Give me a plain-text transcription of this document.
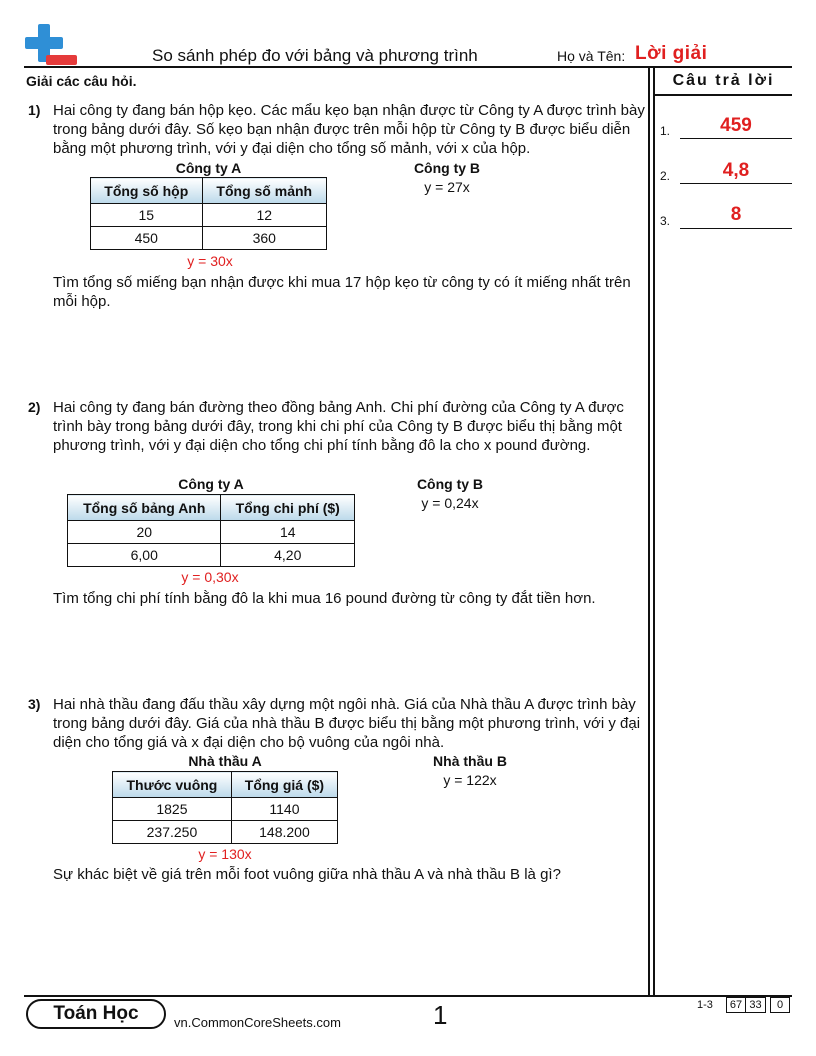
So sánh phép đo với bảng và phương trình	Họ và Tên: Lời giải
Câu trả lời
1.	459
2.	4,8
3.	8
Giải các câu hỏi.
1) Hai công ty đang bán hộp kẹo. Các mẩu kẹo bạn nhận được từ Công ty A được trình bày trong bảng dưới đây. Số kẹo bạn nhận được trên mỗi hộp từ Công ty B được biểu diễn bằng một phương trình, với y đại diện cho tổng số mảnh, với x của hộp.
Công ty A
Tổng số hộp	Tổng số mảnh
15	12
450	360
y = 30x
Công ty B
y = 27x
Tìm tổng số miếng bạn nhận được khi mua 17 hộp kẹo từ công ty có ít miếng nhất trên mỗi hộp.
2) Hai công ty đang bán đường theo đồng bảng Anh. Chi phí đường của Công ty A được trình bày trong bảng dưới đây, trong khi chi phí của Công ty B được biểu thị bằng một phương trình, với y đại diện cho tổng chi phí tính bằng đô la cho x pound đường.
Công ty A
Tổng số bảng Anh	Tổng chi phí ($)
20	14
6,00	4,20
y = 0,30x
Công ty B
y = 0,24x
Tìm tổng chi phí tính bằng đô la khi mua 16 pound đường từ công ty đắt tiền hơn.
3) Hai nhà thầu đang đấu thầu xây dựng một ngôi nhà. Giá của Nhà thầu A được trình bày trong bảng dưới đây. Giá của nhà thầu B được biểu thị bằng một phương trình, với y đại diện cho tổng giá và x đại diện cho bộ vuông của ngôi nhà.
Nhà thầu A
Thước vuông	Tổng giá ($)
1825	1140
237.250	148.200
y = 130x
Nhà thầu B
y = 122x
Sự khác biệt về giá trên mỗi foot vuông giữa nhà thầu A và nhà thầu B là gì?
Toán Học	vn.CommonCoreSheets.com	1	1-3	67 33	0
